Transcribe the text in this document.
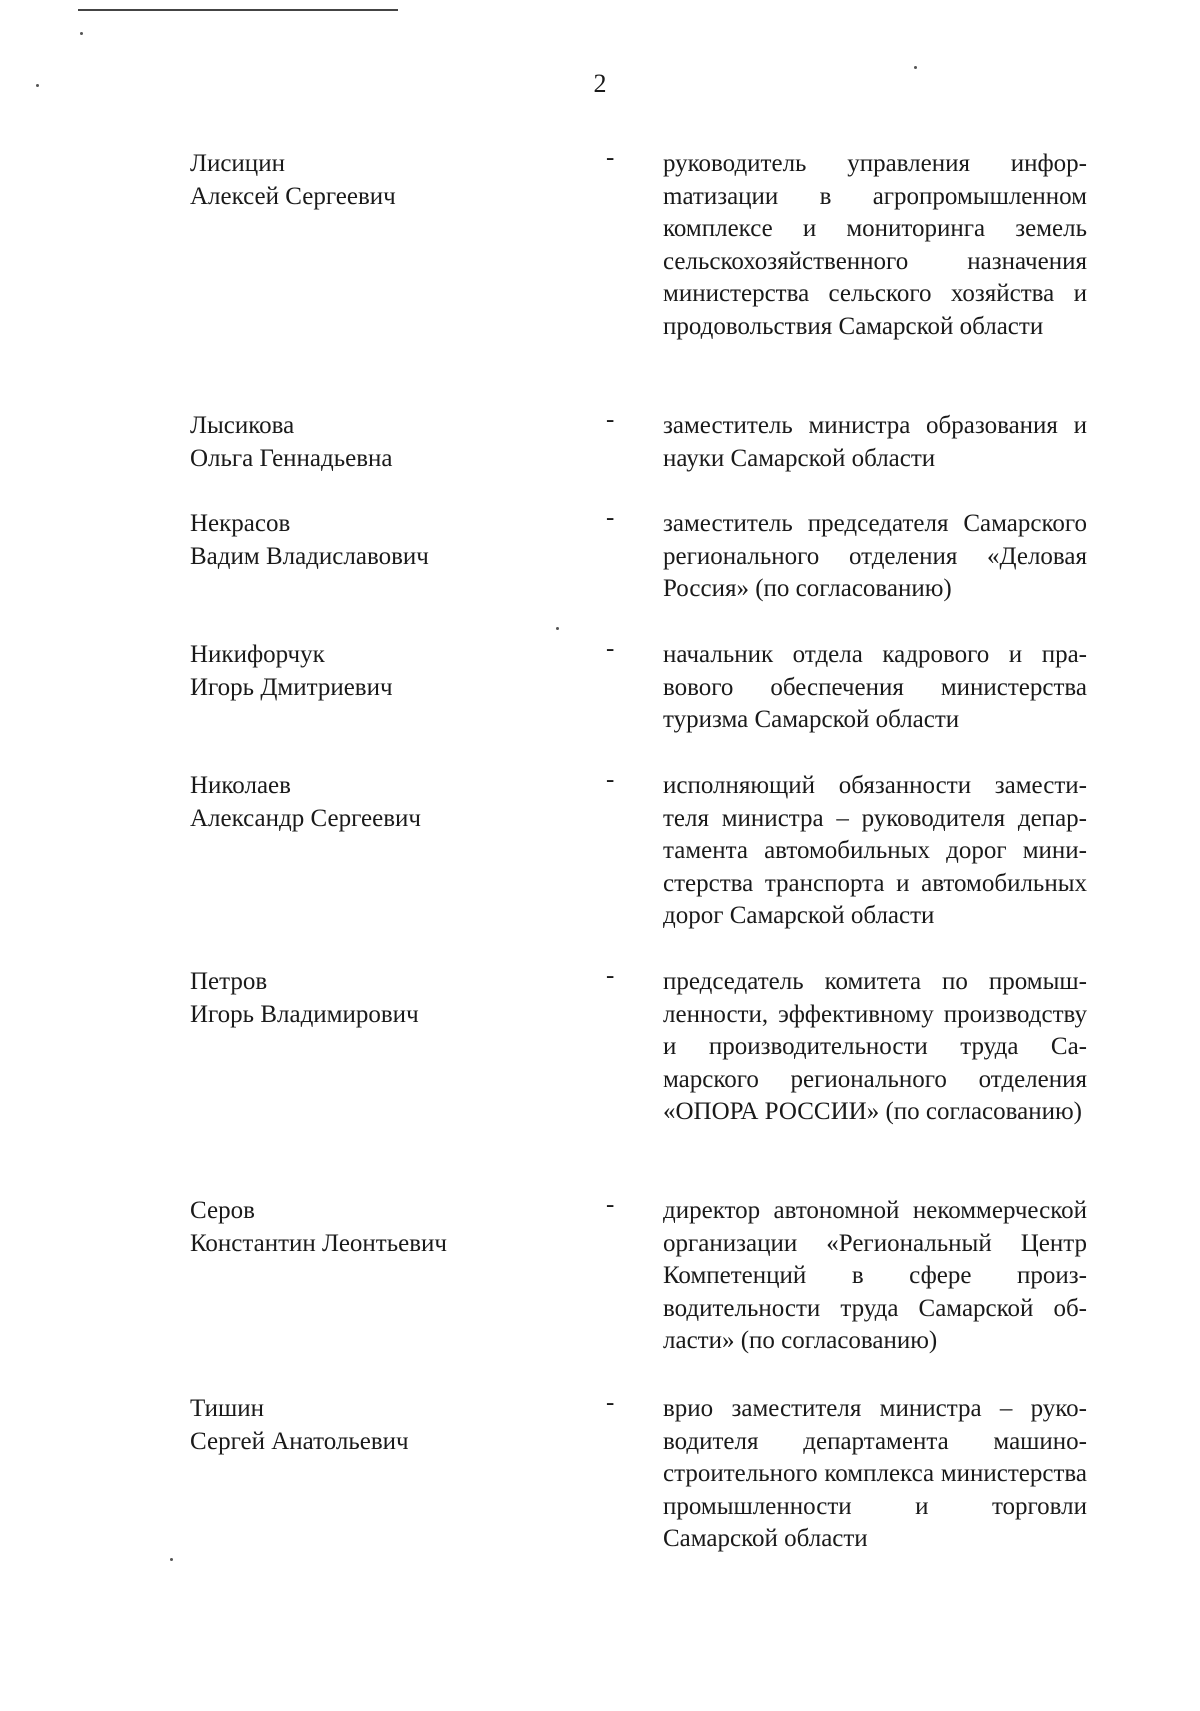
2
Лисицин
Алексей Сергеевич
- руководитель управления инфорmатизации в агропромышленном комплексе и мониторинга земель сельскохозяйственного назначения министерства сельского хозяйства и продовольствия Самарской области
Лысикова
Ольга Геннадьевна
- заместитель министра образования и науки Самарской области
Некрасов
Вадим Владиславович
- заместитель председателя Самарского регионального отделения «Деловая Россия» (по согласованию)
Никифорчук
Игорь Дмитриевич
- начальник отдела кадрового и правового обеспечения министерства туризма Самарской области
Николаев
Александр Сергеевич
- исполняющий обязанности заместителя министра – руководителя департамента автомобильных дорог министерства транспорта и автомобильных дорог Самарской области
Петров
Игорь Владимирович
- председатель комитета по промышленности, эффективному производству и производительности труда Самарского регионального отделения «ОПОРА РОССИИ» (по согласованию)
Серов
Константин Леонтьевич
- директор автономной некоммерческой организации «Региональный Центр Компетенций в сфере производительности труда Самарской области» (по согласованию)
Тишин
Сергей Анатольевич
- врио заместителя министра – руководителя департамента машиностроительного комплекса министерства промышленности и торговли Самарской области
